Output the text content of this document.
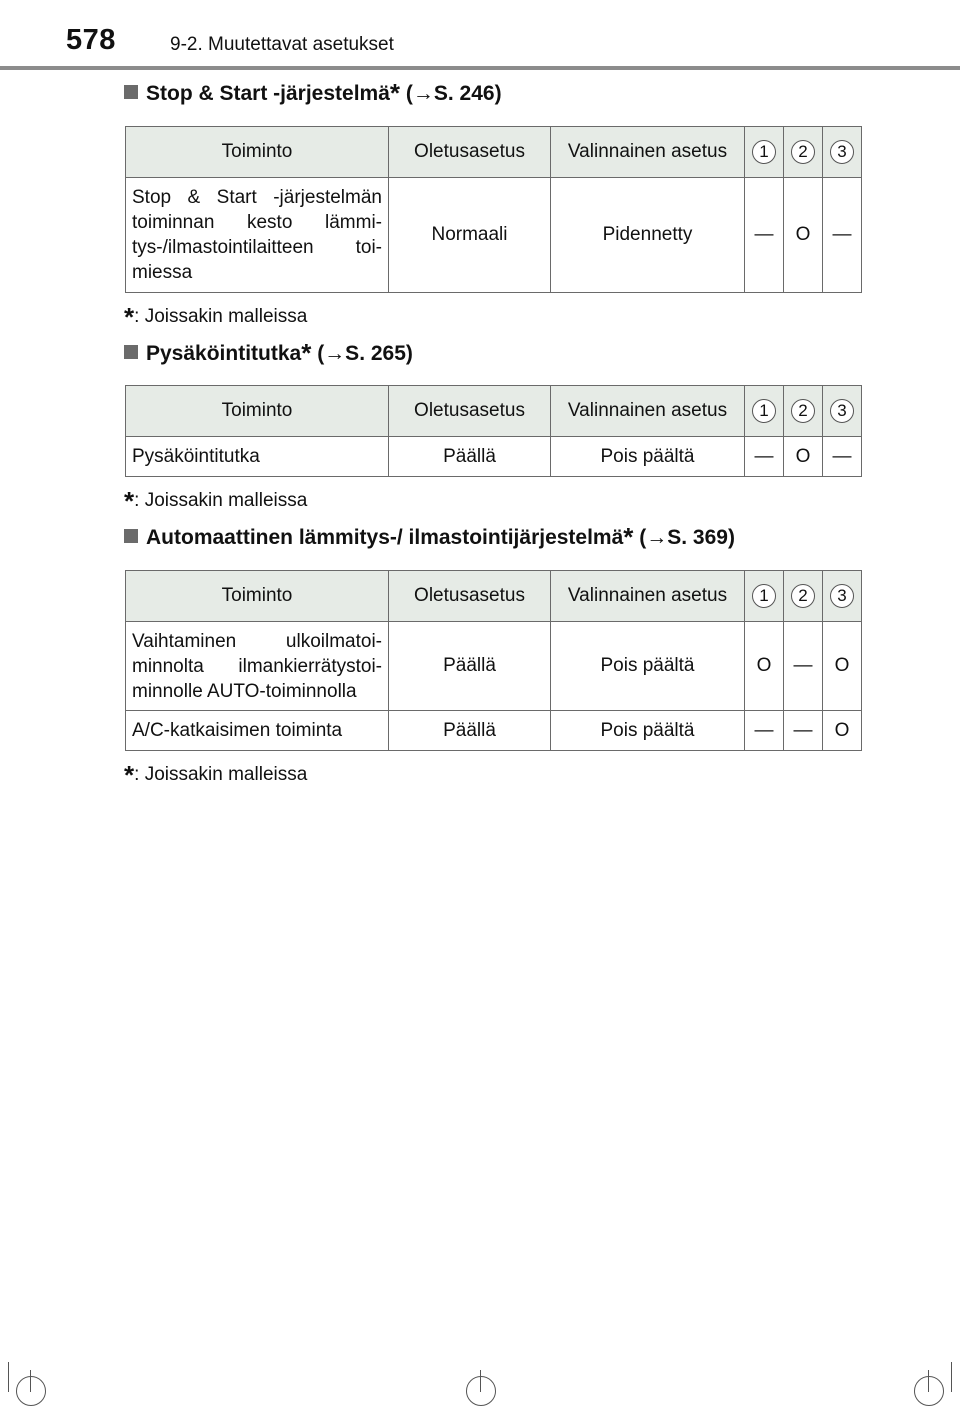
578	9-2. Muutettavat asetukset
Stop & Start -järjestelmä* (→S. 246)
Toiminto	Oletusasetus	Valinnainen asetus	1	2	3
Stop & Start -järjestelmän toiminnan kesto lämmi-tys-/ilmastointilaitteen toi-miessa	Normaali	Pidennetty	—	O	—
*: Joissakin malleissa
Pysäköintitutka* (→S. 265)
Toiminto	Oletusasetus	Valinnainen asetus	1	2	3
Pysäköintitutka	Päällä	Pois päältä	—	O	—
*: Joissakin malleissa
Automaattinen lämmitys-/ ilmastointijärjestelmä* (→S. 369)
Toiminto	Oletusasetus	Valinnainen asetus	1	2	3
Vaihtaminen ulkoilmatoi-minnolta ilmankierrätystoi-minnolle AUTO-toiminnolla	Päällä	Pois päältä	O	—	O
A/C-katkaisimen toiminta	Päällä	Pois päältä	—	—	O
*: Joissakin malleissa
